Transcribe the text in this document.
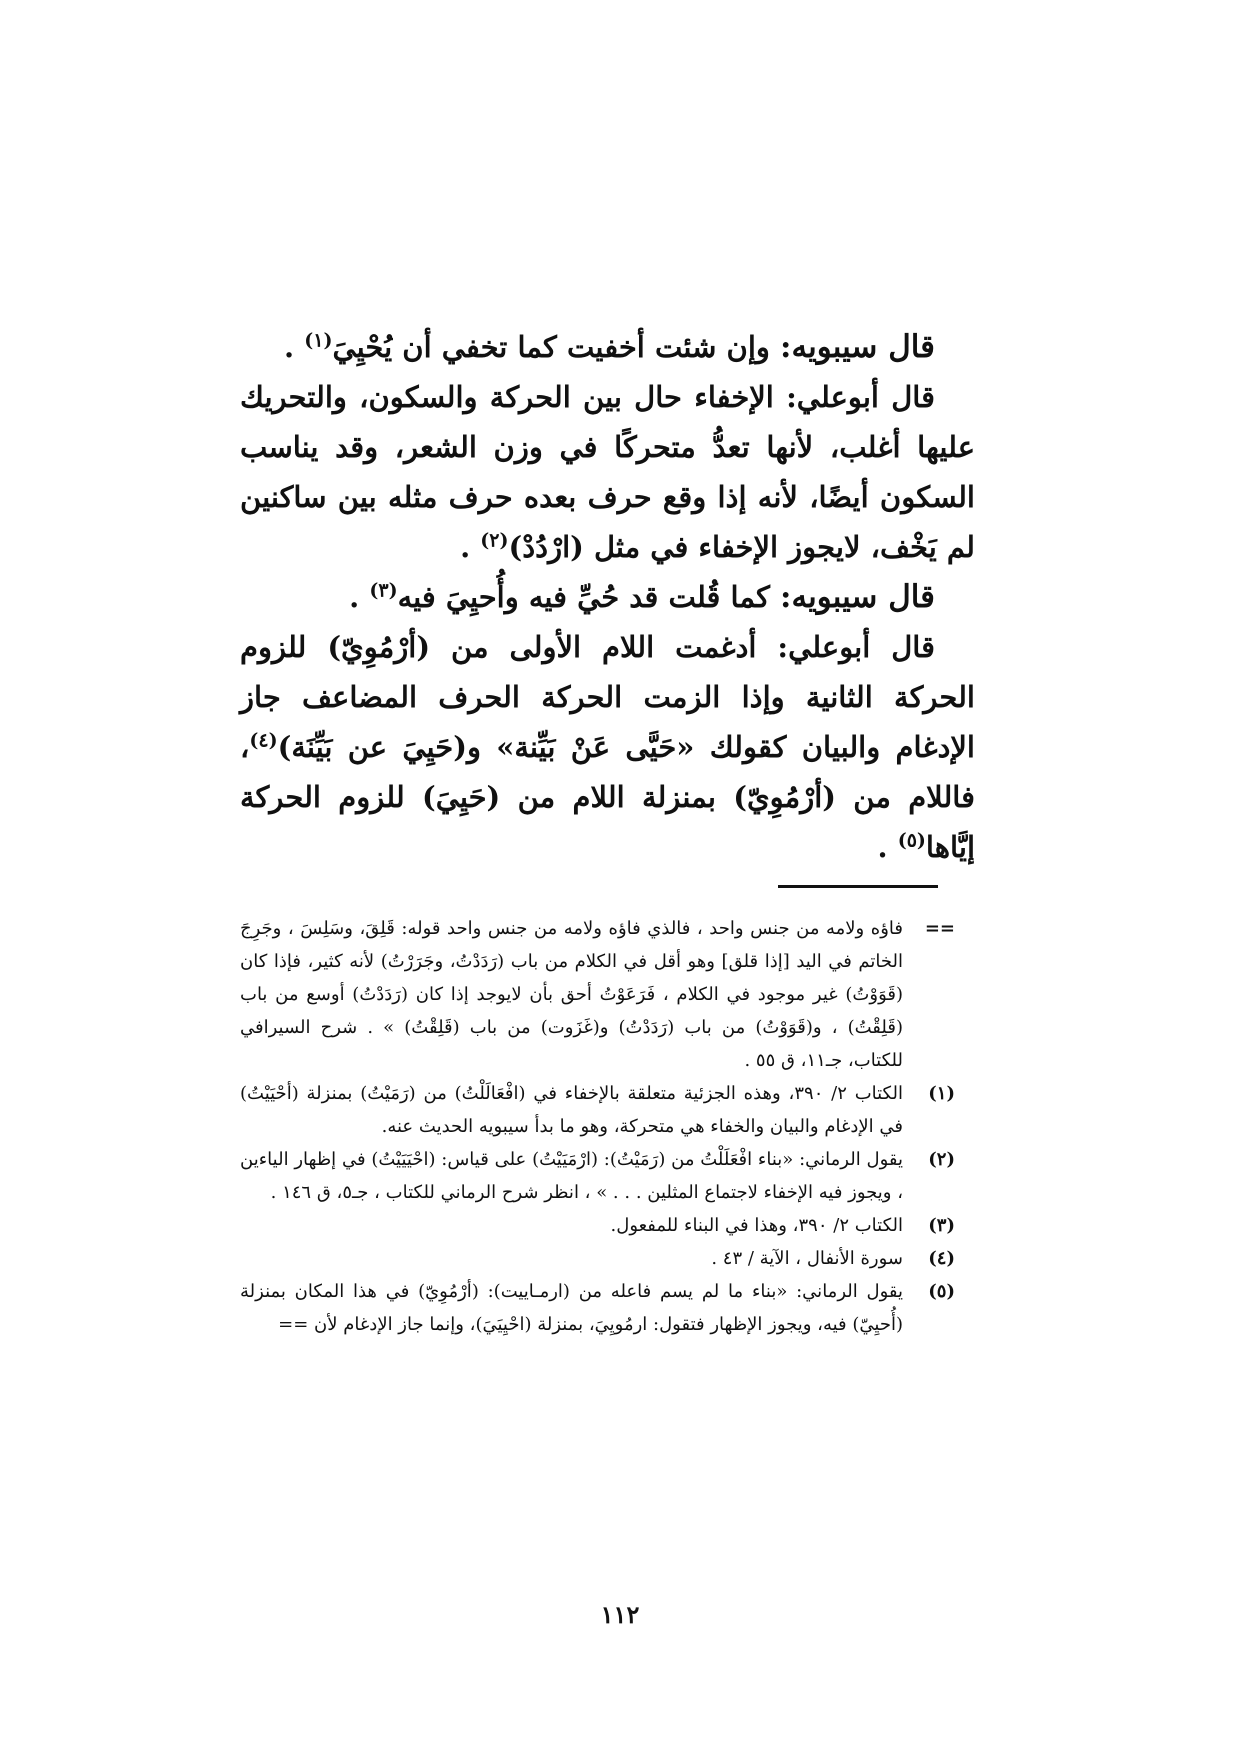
قال سيبويه: وإن شئت أخفيت كما تخفي أن يُحْيِيَ$^{(١)}$ .

قال أبوعلي: الإخفاء حال بين الحركة والسكون، والتحريك عليها أغلب، لأنها تعدُّ متحركًا في وزن الشعر، وقد يناسب السكون أيضًا، لأنه إذا وقع حرف بعده حرف مثله بين ساكنين لم يَخْف، لايجوز الإخفاء في مثل (ارْدُدْ)$^{(٢)}$ .

قال سيبويه: كما قُلت قد حُيِّ فيه وأُحيِيَ فيه$^{(٣)}$ .

قال أبوعلي: أدغمت اللام الأولى من (أرْمُوِيّ) للزوم الحركة الثانية وإذا الزمت الحركة الحرف المضاعف جاز الإدغام والبيان كقولك «حَيَّى عَنْ بَيِّنة» و(حَيِيَ عن بَيِّنَة)$^{(٤)}$، فاللام من (أرْمُوِيّ) بمنزلة اللام من (حَيِيَ) للزوم الحركة إيَّاها$^{(٥)}$ .

==
فاؤه ولامه من جنس واحد ، فالذي فاؤه ولامه من جنس واحد قوله: قَلِقَ، وسَلِسَ ، وجَرِجَ الخاتم في اليد [إذا قلق] وهو أقل في الكلام من باب (رَدَدْتُ، وجَرَرْتُ) لأنه كثير، فإذا كان (قَوَوْتُ) غير موجود في الكلام ، فَرَعَوْتُ أحق بأن لايوجد إذا كان (رَدَدْتُ) أوسع من باب (قَلِقْتُ) ، و(قَوَوْتُ) من باب (رَدَدْتُ) و(غَزَوت) من باب (قَلِقْتُ) » . شرح السيرافي للكتاب، جـ١١، ق ٥٥ .
(١)
الكتاب ٢/ ٣٩٠، وهذه الجزئية متعلقة بالإخفاء في (افْعَالَلْتُ) من (رَمَيْتُ) بمنزلة (أحْيَيْتُ) في الإدغام والبيان والخفاء هي متحركة، وهو ما بدأ سيبويه الحديث عنه.
(٢)
يقول الرماني: «بناء افْعَلَلْتُ من (رَمَيْتُ): (ارْمَيَيْتُ) على قياس: (احْيَيَيْتُ) في إظهار الياءين ، ويجوز فيه الإخفاء لاجتماع المثلين . . . » ، انظر شرح الرماني للكتاب ، جـ٥، ق ١٤٦ .
(٣)
الكتاب ٢/ ٣٩٠، وهذا في البناء للمفعول.
(٤)
سورة الأنفال ، الآية / ٤٣ .
(٥)
يقول الرماني: «بناء ما لم يسم فاعله من (ارمـاييت): (أرْمُوِيّ) في هذا المكان بمنزلة (أُحيِيّ) فيه، ويجوز الإظهار فتقول: ارمُويِيَ، بمنزلة (احْيِيَيَ)، وإنما جاز الإدغام لأن ==
١١٢
